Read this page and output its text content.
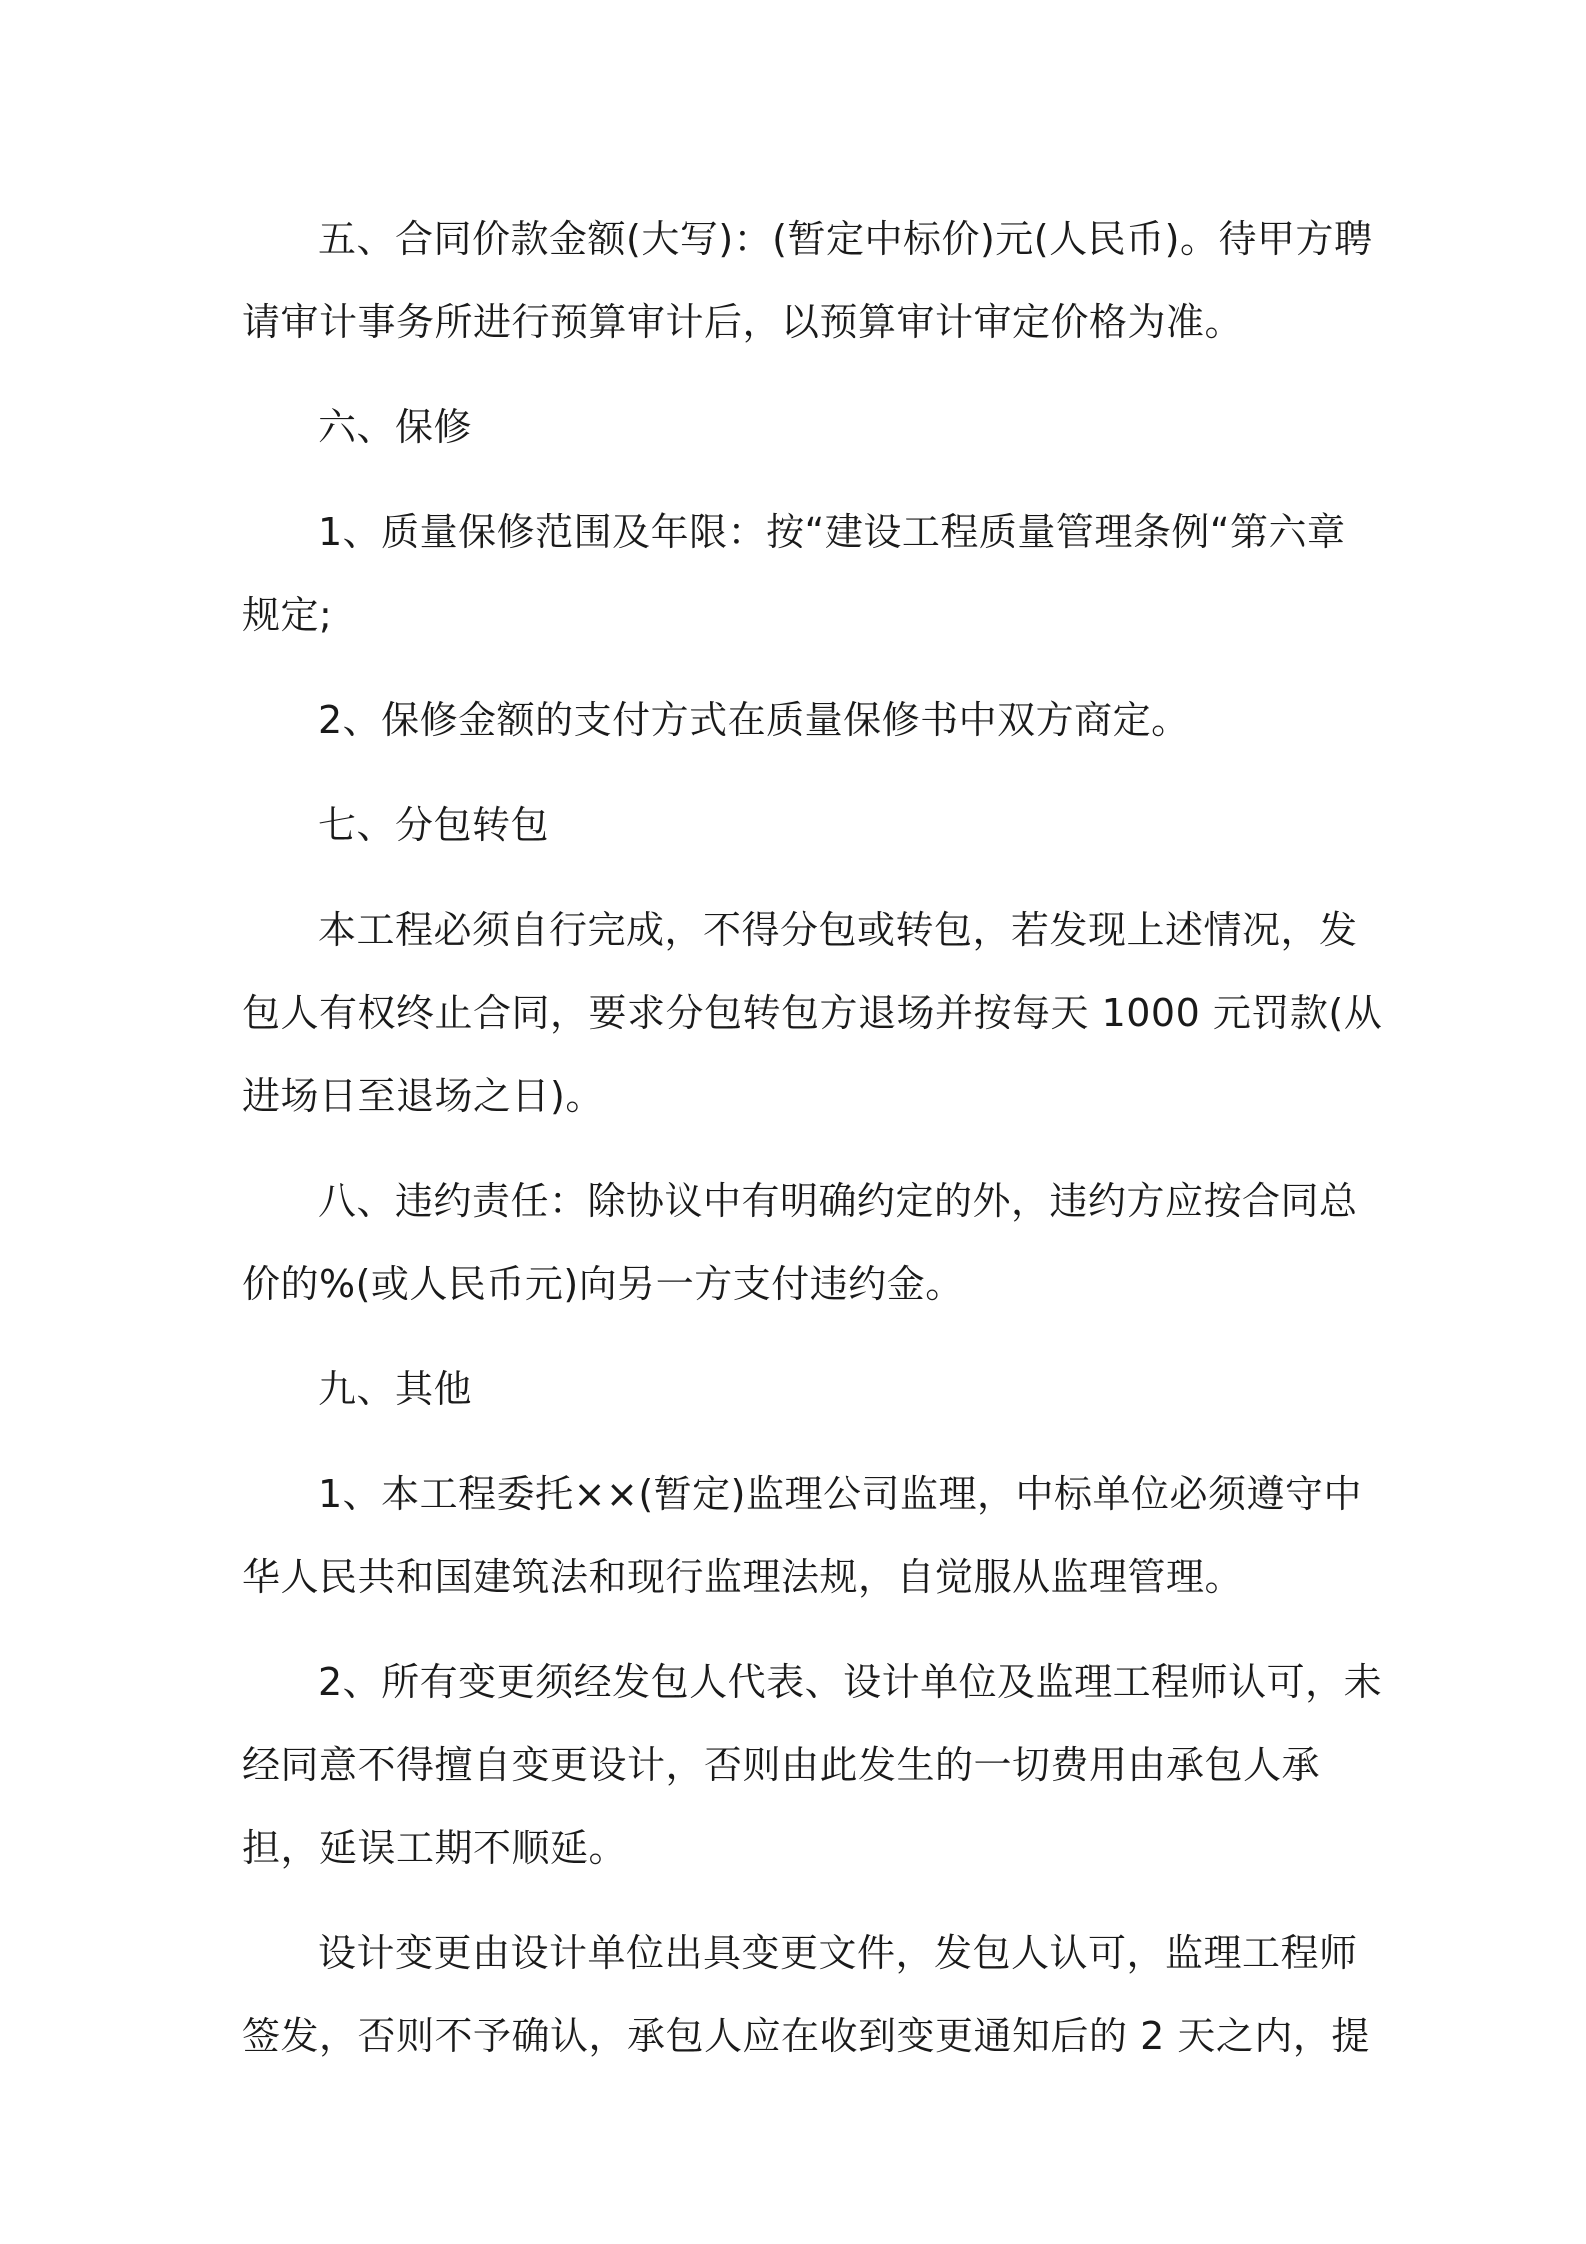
五、合同价款金额(大写)：(暂定中标价)元(人民币)。待甲方聘
请审计事务所进行预算审计后，以预算审计审定价格为准。
六、保修
1、质量保修范围及年限：按“建设工程质量管理条例“第六章
规定;
2、保修金额的支付方式在质量保修书中双方商定。
七、分包转包
本工程必须自行完成，不得分包或转包，若发现上述情况，发
包人有权终止合同，要求分包转包方退场并按每天 1000 元罚款(从
进场日至退场之日)。
八、违约责任：除协议中有明确约定的外，违约方应按合同总
价的%(或人民币元)向另一方支付违约金。
九、其他
1、本工程委托××(暂定)监理公司监理，中标单位必须遵守中
华人民共和国建筑法和现行监理法规，自觉服从监理管理。
2、所有变更须经发包人代表、设计单位及监理工程师认可，未
经同意不得擅自变更设计，否则由此发生的一切费用由承包人承
担，延误工期不顺延。
设计变更由设计单位出具变更文件，发包人认可，监理工程师
签发，否则不予确认，承包人应在收到变更通知后的 2 天之内，提
